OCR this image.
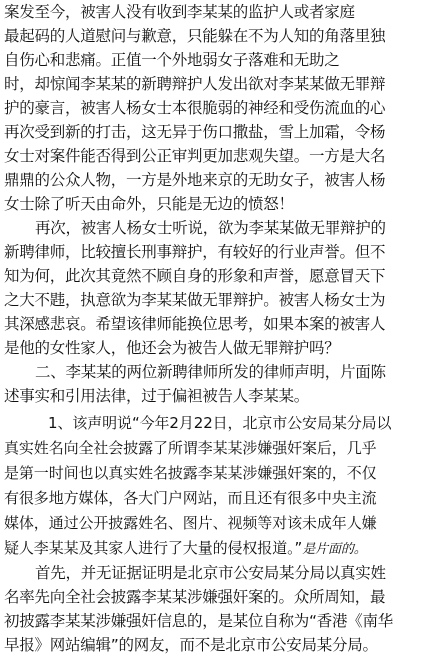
案发至今，被害人没有收到李某某的监护人或者家庭
最起码的人道慰问与歉意，只能躲在不为人知的角落里独
自伤心和悲痛。正值一个外地弱女子落难和无助之
时，却惊闻李某某的新聘辩护人发出欲对李某某做无罪辩
护的豪言，被害人杨女士本很脆弱的神经和受伤流血的心
再次受到新的打击，这无异于伤口撒盐，雪上加霜，令杨
女士对案件能否得到公正审判更加悲观失望。一方是大名
鼎鼎的公众人物，一方是外地来京的无助女子，被害人杨
女士除了听天由命外，只能是无边的愤怒！
再次，被害人杨女士听说，欲为李某某做无罪辩护的
新聘律师，比较擅长刑事辩护，有较好的行业声誉。但不
知为何，此次其竟然不顾自身的形象和声誉，愿意冒天下
之大不韪，执意欲为李某某做无罪辩护。被害人杨女士为
其深感悲哀。希望该律师能换位思考，如果本案的被害人
是他的女性家人，他还会为被告人做无罪辩护吗？
二、李某某的两位新聘律师所发的律师声明，片面陈
述事实和引用法律，过于偏袒被告人李某某。
1、该声明说“今年2月22日，北京市公安局某分局以
真实姓名向全社会披露了所谓李某某涉嫌强奸案后，几乎
是第一时间也以真实姓名披露李某某涉嫌强奸案的，不仅
有很多地方媒体，各大门户网站，而且还有很多中央主流
媒体，通过公开披露姓名、图片、视频等对该未成年人嫌
疑人李某某及其家人进行了大量的侵权报道。”是片面的。
首先，并无证据证明是北京市公安局某分局以真实姓
名率先向全社会披露李某某涉嫌强奸案的。众所周知，最
初披露李某某涉嫌强奸信息的，是某位自称为“香港《南华
早报》网站编辑”的网友，而不是北京市公安局某分局。
